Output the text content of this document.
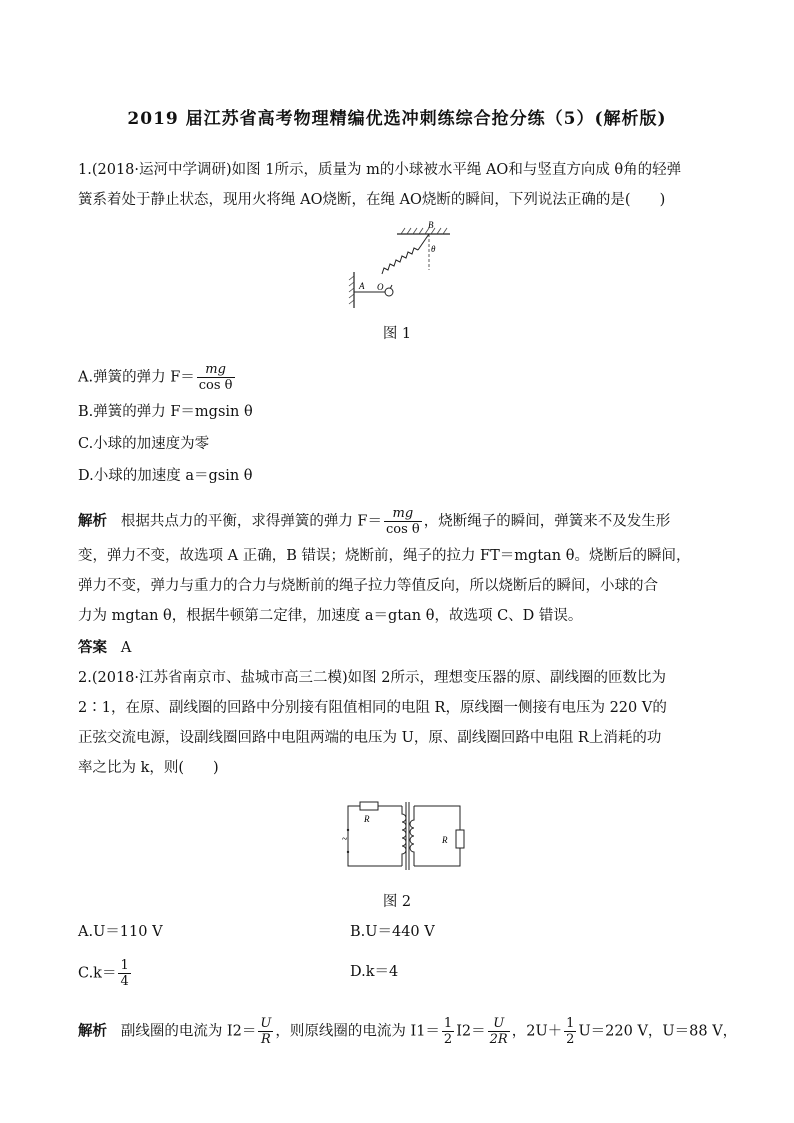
2019 届江苏省高考物理精编优选冲刺练综合抢分练（5）(解析版)
1.(2018·运河中学调研)如图 1所示，质量为 m的小球被水平绳 AO和与竖直方向成 θ角的轻弹
簧系着处于静止状态，现用火将绳 AO烧断，在绳 AO烧断的瞬间，下列说法正确的是(　　)
B
θ
A O
图 1
A.弹簧的弹力 $F= \frac{mg}{\text{cos θ}}$
B.弹簧的弹力 F＝mgsin θ
C.小球的加速度为零
D.小球的加速度 a＝gsin θ
解析 根据共点力的平衡，求得弹簧的弹力 $F= \frac{mg}{\text{cos θ}}$ ，烧断绳子的瞬间，弹簧来不及发生形
变，弹力不变，故选项 A 正确，B 错误；烧断前，绳子的拉力 FT＝mgtan θ。烧断后的瞬间，
弹力不变，弹力与重力的合力与烧断前的绳子拉力等值反向，所以烧断后的瞬间，小球的合
力为 mgtan θ，根据牛顿第二定律，加速度 a＝gtan θ，故选项 C、D 错误。
答案 A
2.(2018·江苏省南京市、盐城市高三二模)如图 2所示，理想变压器的原、副线圈的匝数比为
2∶1，在原、副线圈的回路中分别接有阻值相同的电阻 R，原线圈一侧接有电压为 220 V的
正弦交流电源，设副线圈回路中电阻两端的电压为 U，原、副线圈回路中电阻 R上消耗的功
率之比为 k，则(　　)
R
~	R
图 2
A.U＝110 V	B.U＝440 V
$C.k= \frac{1}{4}$	D.k＝4
解析 副线圈的电流为 $I2= \frac{U}{R}$ ，则原线圈的电流为 $I1= \frac{1}{2} I2= \frac{U}{2R}$ ，$2U+ \frac{1}{2} U=220$ V，U＝88 V，
